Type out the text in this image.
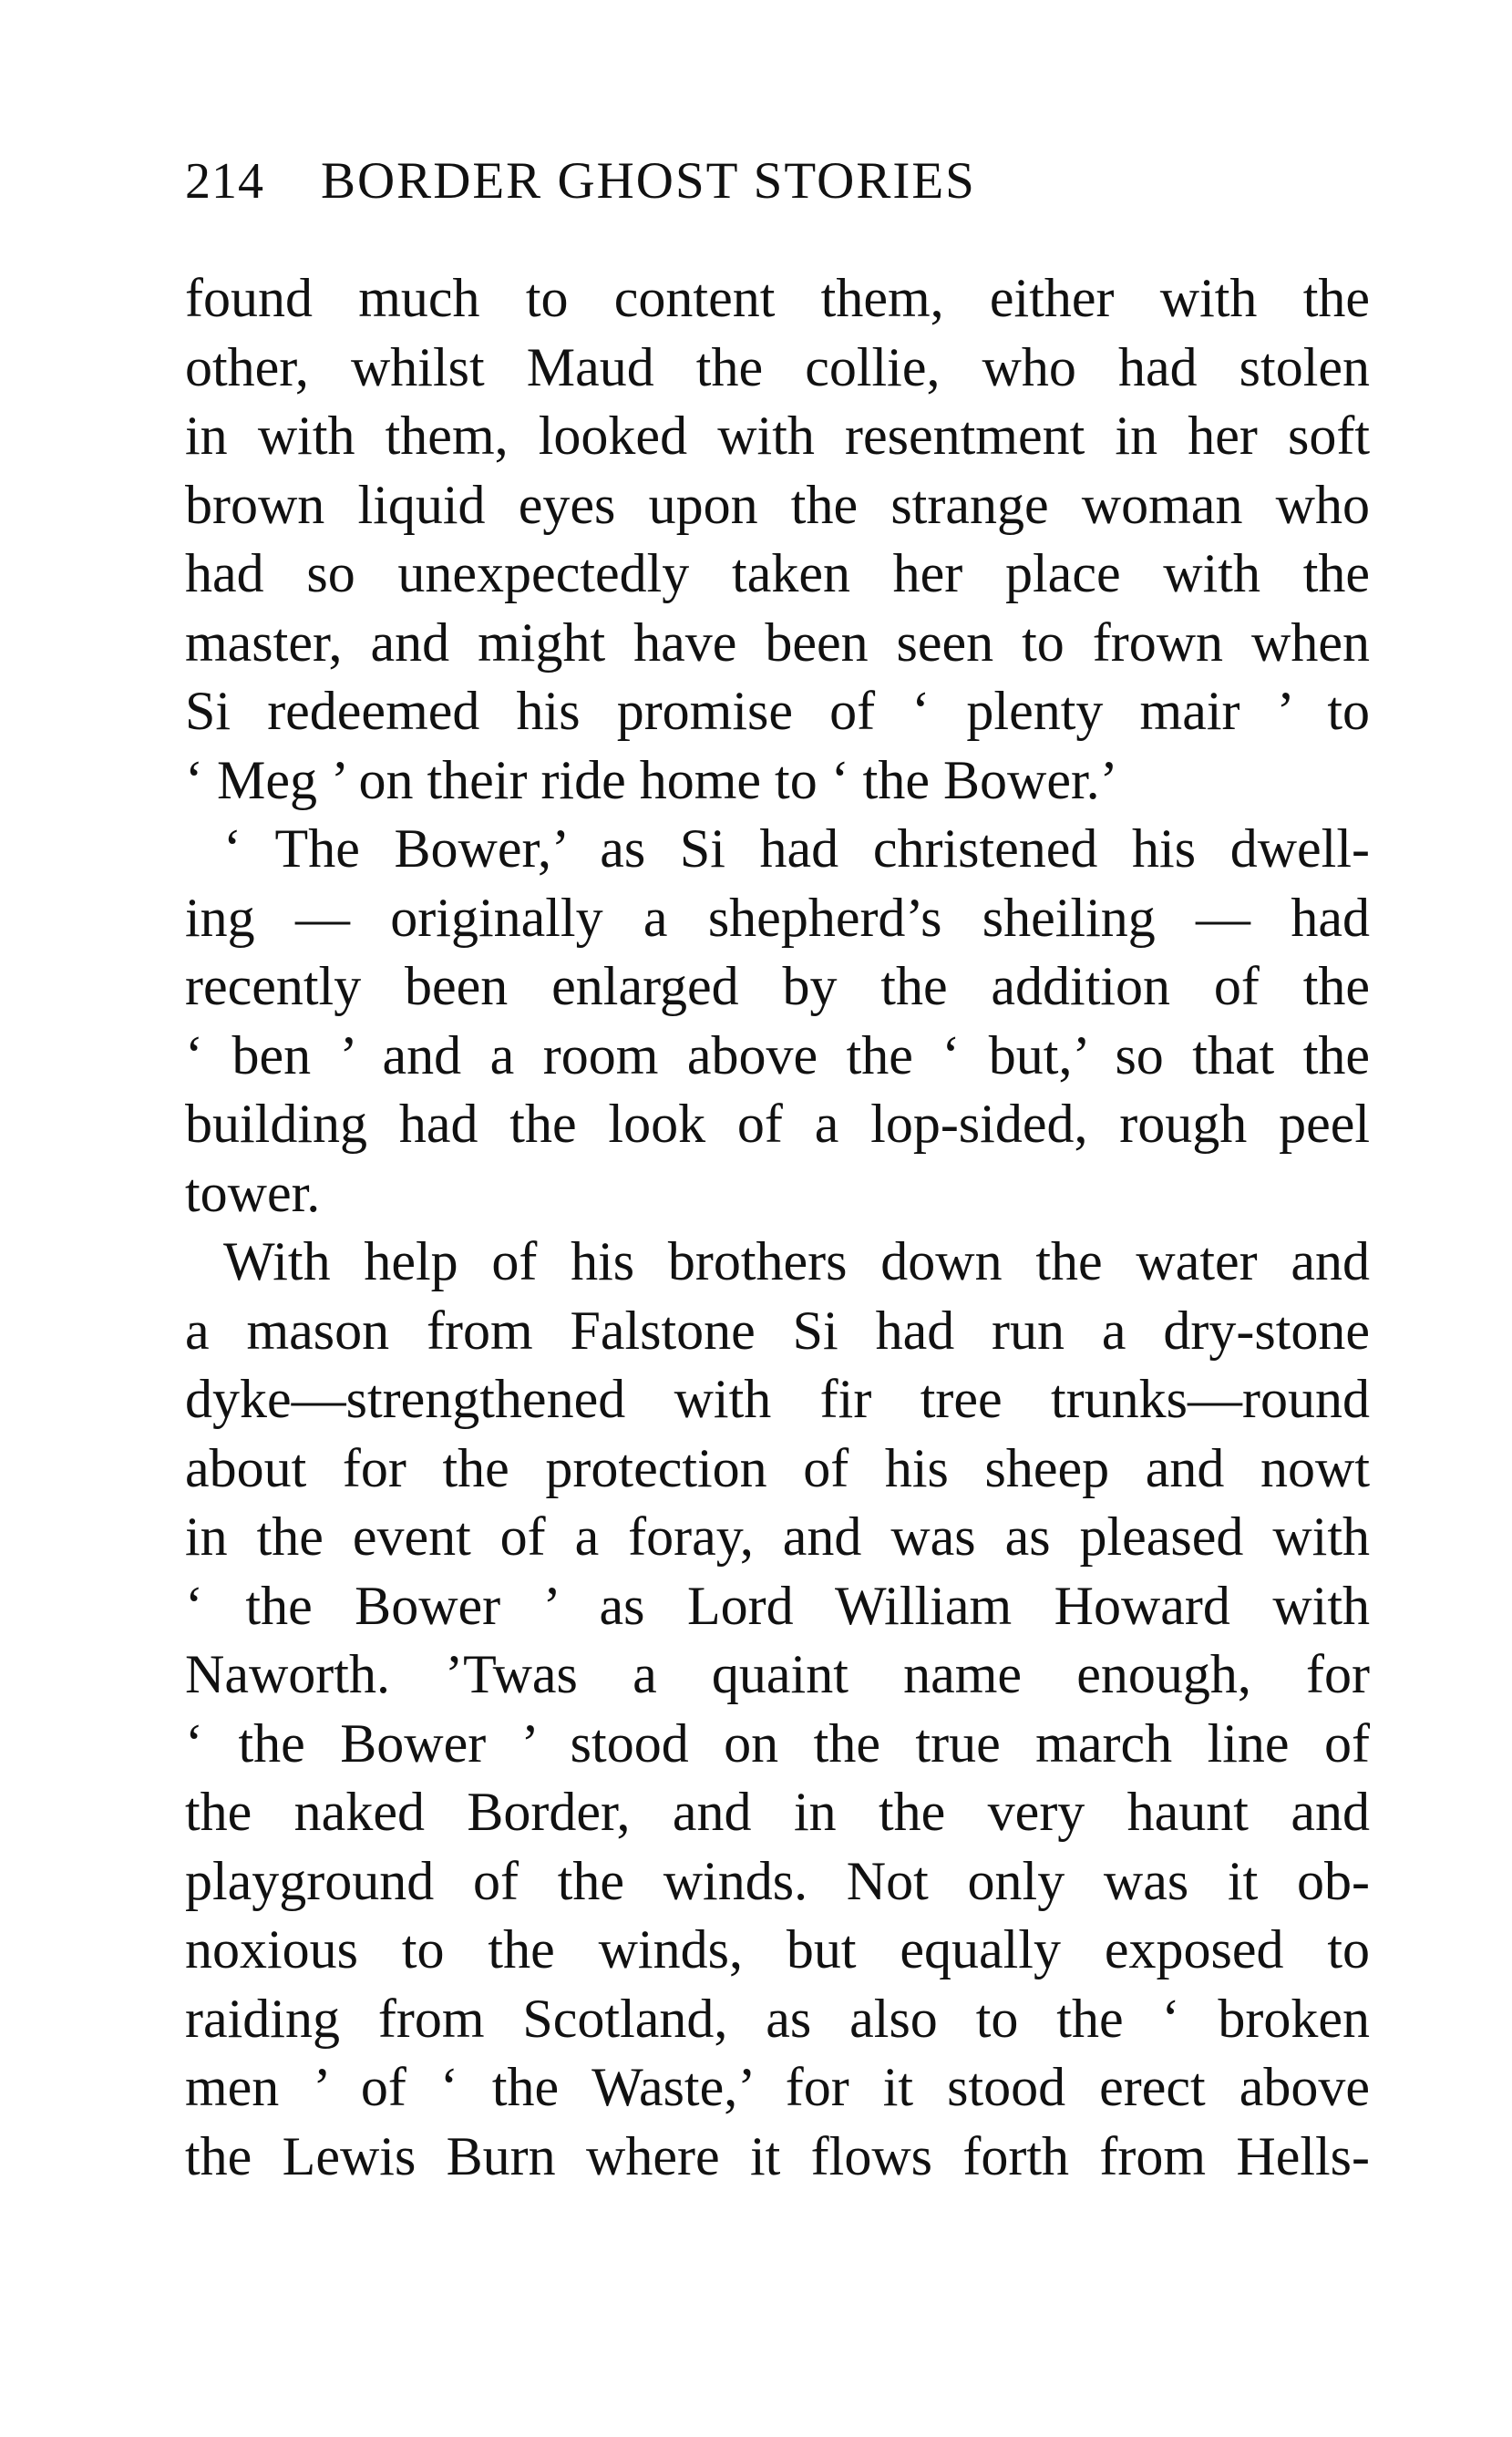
214 BORDER GHOST STORIES
found much to content them, either with the
other, whilst Maud the collie, who had stolen
in with them, looked with resentment in her soft
brown liquid eyes upon the strange woman who
had so unexpectedly taken her place with the
master, and might have been seen to frown when
Si redeemed his promise of ‘ plenty mair ’ to
‘ Meg ’ on their ride home to ‘ the Bower.’
‘ The Bower,’ as Si had christened his dwell-
ing — originally a shepherd’s sheiling — had
recently been enlarged by the addition of the
‘ ben ’ and a room above the ‘ but,’ so that the
building had the look of a lop-sided, rough peel
tower.
With help of his brothers down the water and
a mason from Falstone Si had run a dry-stone
dyke—strengthened with fir tree trunks—round
about for the protection of his sheep and nowt
in the event of a foray, and was as pleased with
‘ the Bower ’ as Lord William Howard with
Naworth. ’Twas a quaint name enough, for
‘ the Bower ’ stood on the true march line of
the naked Border, and in the very haunt and
playground of the winds. Not only was it ob-
noxious to the winds, but equally exposed to
raiding from Scotland, as also to the ‘ broken
men ’ of ‘ the Waste,’ for it stood erect above
the Lewis Burn where it flows forth from Hells-
